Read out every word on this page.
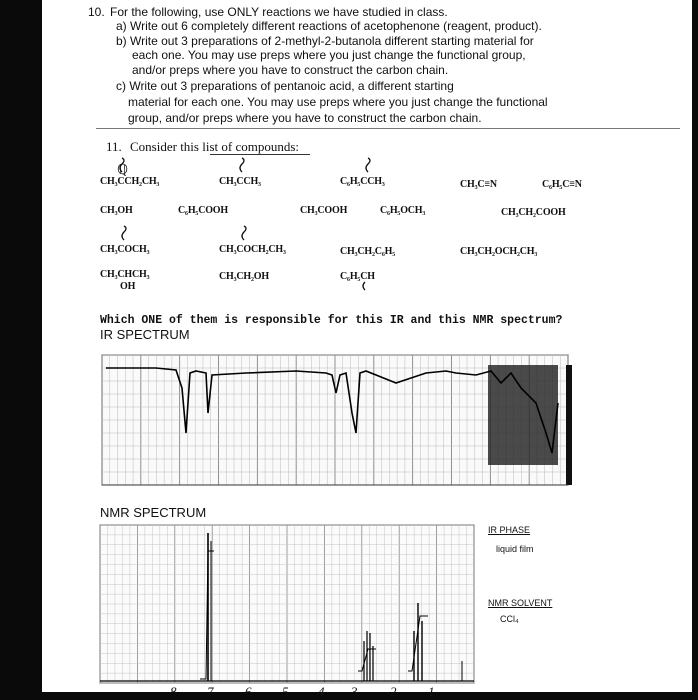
10. For the following, use ONLY reactions we have studied in class.
a) Write out 6 completely different reactions of acetophenone (reagent, product).
b) Write out 3 preparations of 2-methyl-2-butanola different starting material for
each one. You may use preps where you just change the functional group,
and/or preps where you have to construct the carbon chain.
c) Write out 3 preparations of pentanoic acid, a different starting
material for each one. You may use preps where you just change the functional
group, and/or preps where you have to construct the carbon chain.
11. Consider this list of compounds:
ℚ
CH₃CCH₂CH₃	CH₃CCH₃	C₆H₅CCH₃	CH₃C≡N	C₆H₅C≡N
CH₃OH	C₆H₅COOH	CH₃COOH	C₆H₅OCH₃	CH₃CH₂COOH
CH₃COCH₃	CH₃COCH₂CH₃	CH₃CH₂C₆H₅	CH₃CH₂OCH₂CH₃
CH₃CHCH₃
OH
CH₃CH₂OH	C₆H₅CH
Which ONE of them is responsible for this IR and this NMR spectrum?
IR SPECTRUM
NMR SPECTRUM
8 7 6 5 4 3	2 1
IR PHASE
liquid film
NMR SOLVENT
CCl₄
